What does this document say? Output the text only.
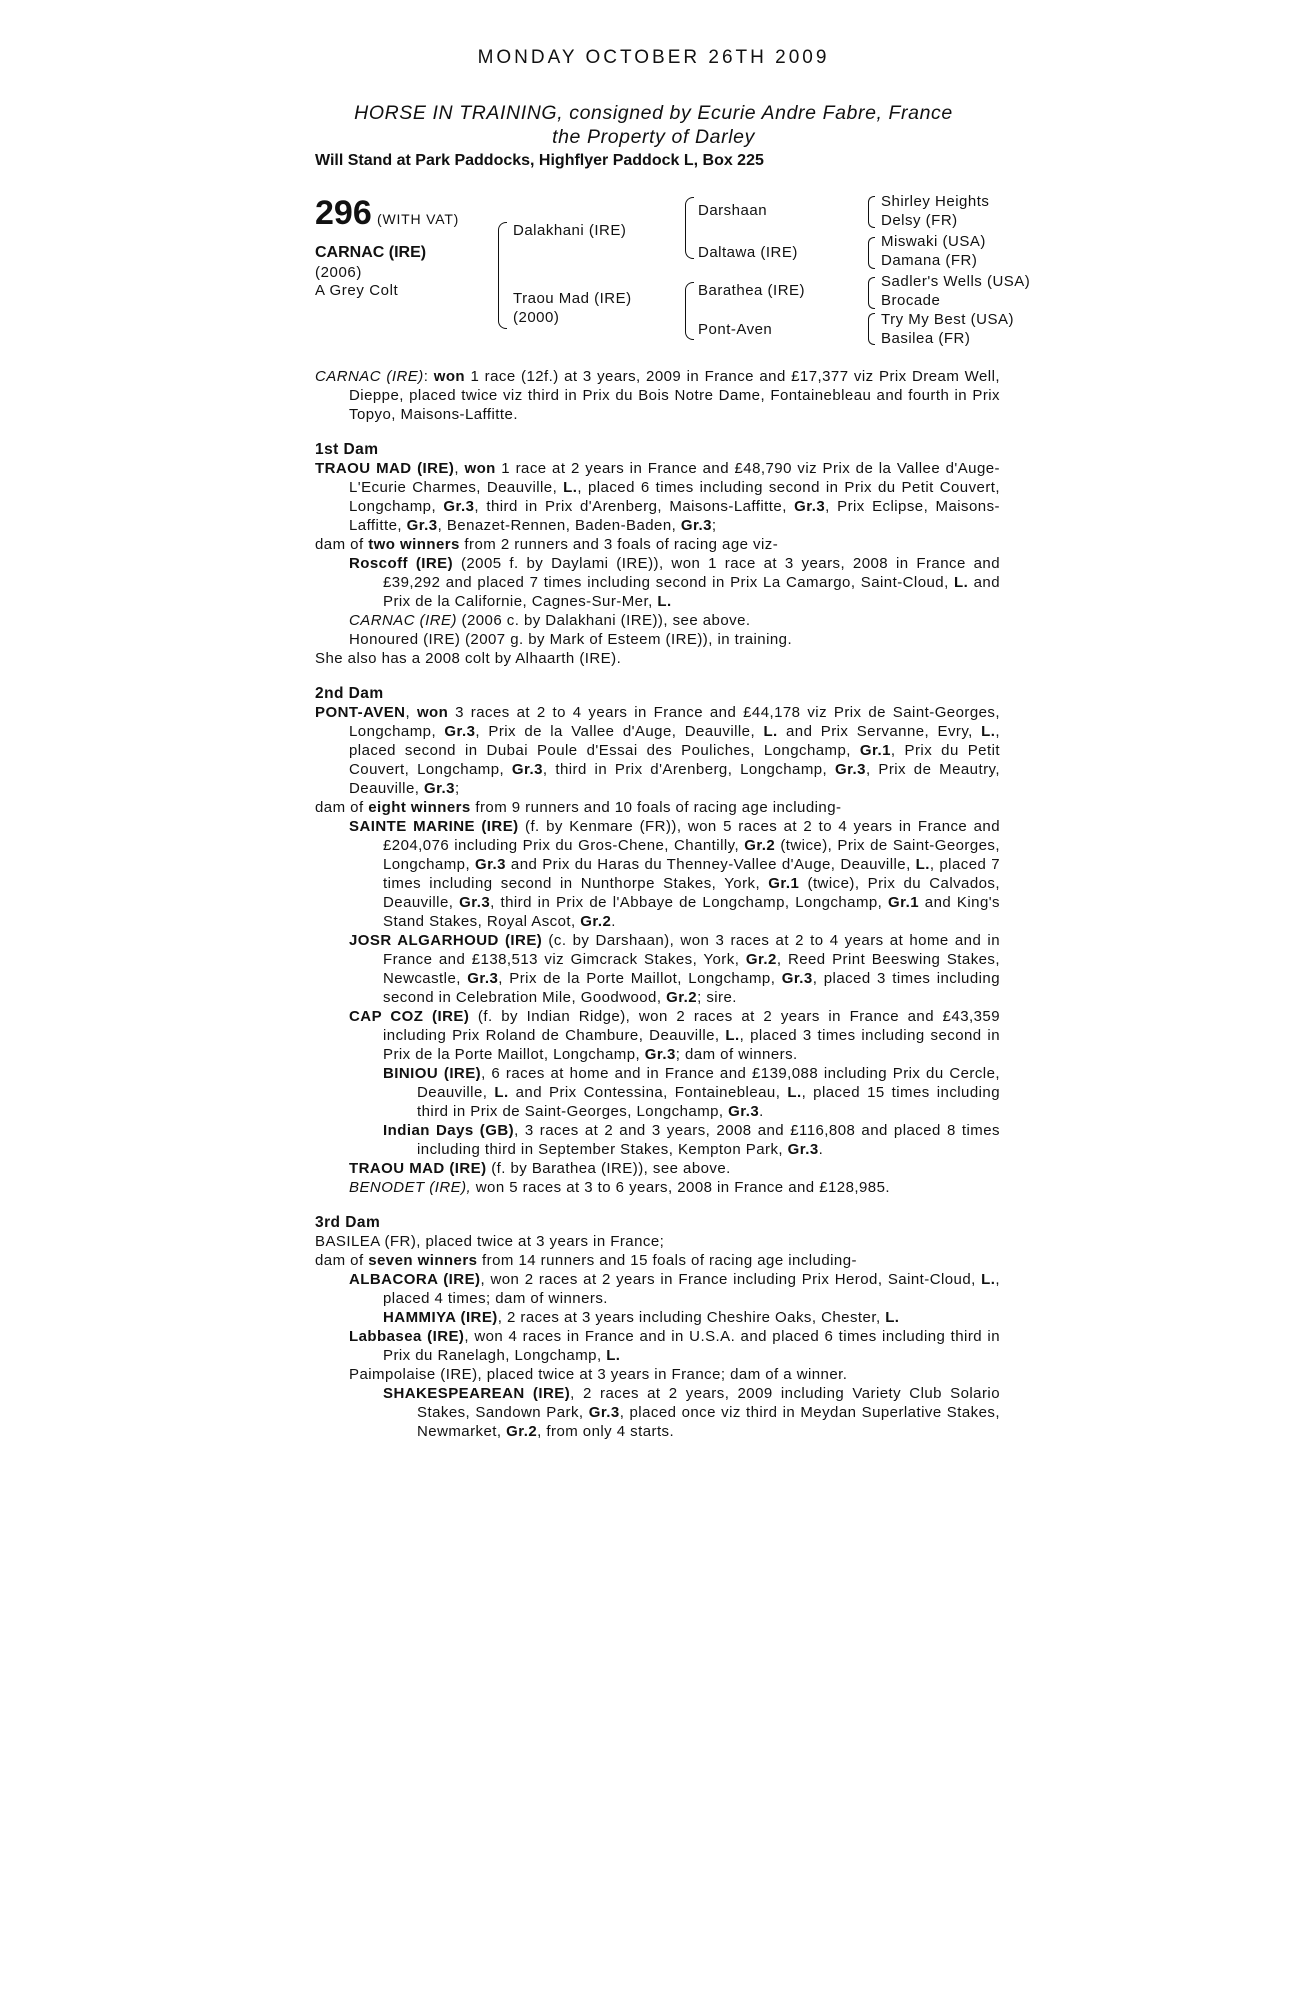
MONDAY OCTOBER 26TH 2009
HORSE IN TRAINING, consigned by Ecurie Andre Fabre, France
the Property of Darley
Will Stand at Park Paddocks, Highflyer Paddock L, Box 225
296 (WITH VAT)
CARNAC (IRE)
(2006)
A Grey Colt
Dalakhani (IRE)
Traou Mad (IRE)
(2000)
Darshaan
Daltawa (IRE)
Barathea (IRE)
Pont-Aven
Shirley Heights
Delsy (FR)
Miswaki (USA)
Damana (FR)
Sadler's Wells (USA)
Brocade
Try My Best (USA)
Basilea (FR)

CARNAC (IRE): won 1 race (12f.) at 3 years, 2009 in France and £17,377 viz Prix Dream Well, Dieppe, placed twice viz third in Prix du Bois Notre Dame, Fontainebleau and fourth in Prix Topyo, Maisons-Laffitte.

1st Dam

TRAOU MAD (IRE), won 1 race at 2 years in France and £48,790 viz Prix de la Vallee d'Auge-L'Ecurie Charmes, Deauville, L., placed 6 times including second in Prix du Petit Couvert, Longchamp, Gr.3, third in Prix d'Arenberg, Maisons-Laffitte, Gr.3, Prix Eclipse, Maisons-Laffitte, Gr.3, Benazet-Rennen, Baden-Baden, Gr.3;

dam of two winners from 2 runners and 3 foals of racing age viz-

Roscoff (IRE) (2005 f. by Daylami (IRE)), won 1 race at 3 years, 2008 in France and £39,292 and placed 7 times including second in Prix La Camargo, Saint-Cloud, L. and Prix de la Californie, Cagnes-Sur-Mer, L.

CARNAC (IRE) (2006 c. by Dalakhani (IRE)), see above.

Honoured (IRE) (2007 g. by Mark of Esteem (IRE)), in training.

She also has a 2008 colt by Alhaarth (IRE).

2nd Dam

PONT-AVEN, won 3 races at 2 to 4 years in France and £44,178 viz Prix de Saint-Georges, Longchamp, Gr.3, Prix de la Vallee d'Auge, Deauville, L. and Prix Servanne, Evry, L., placed second in Dubai Poule d'Essai des Pouliches, Longchamp, Gr.1, Prix du Petit Couvert, Longchamp, Gr.3, third in Prix d'Arenberg, Longchamp, Gr.3, Prix de Meautry, Deauville, Gr.3;

dam of eight winners from 9 runners and 10 foals of racing age including-

SAINTE MARINE (IRE) (f. by Kenmare (FR)), won 5 races at 2 to 4 years in France and £204,076 including Prix du Gros-Chene, Chantilly, Gr.2 (twice), Prix de Saint-Georges, Longchamp, Gr.3 and Prix du Haras du Thenney-Vallee d'Auge, Deauville, L., placed 7 times including second in Nunthorpe Stakes, York, Gr.1 (twice), Prix du Calvados, Deauville, Gr.3, third in Prix de l'Abbaye de Longchamp, Longchamp, Gr.1 and King's Stand Stakes, Royal Ascot, Gr.2.

JOSR ALGARHOUD (IRE) (c. by Darshaan), won 3 races at 2 to 4 years at home and in France and £138,513 viz Gimcrack Stakes, York, Gr.2, Reed Print Beeswing Stakes, Newcastle, Gr.3, Prix de la Porte Maillot, Longchamp, Gr.3, placed 3 times including second in Celebration Mile, Goodwood, Gr.2; sire.

CAP COZ (IRE) (f. by Indian Ridge), won 2 races at 2 years in France and £43,359 including Prix Roland de Chambure, Deauville, L., placed 3 times including second in Prix de la Porte Maillot, Longchamp, Gr.3; dam of winners.

BINIOU (IRE), 6 races at home and in France and £139,088 including Prix du Cercle, Deauville, L. and Prix Contessina, Fontainebleau, L., placed 15 times including third in Prix de Saint-Georges, Longchamp, Gr.3.

Indian Days (GB), 3 races at 2 and 3 years, 2008 and £116,808 and placed 8 times including third in September Stakes, Kempton Park, Gr.3.

TRAOU MAD (IRE) (f. by Barathea (IRE)), see above.

BENODET (IRE), won 5 races at 3 to 6 years, 2008 in France and £128,985.

3rd Dam

BASILEA (FR), placed twice at 3 years in France;

dam of seven winners from 14 runners and 15 foals of racing age including-

ALBACORA (IRE), won 2 races at 2 years in France including Prix Herod, Saint-Cloud, L., placed 4 times; dam of winners.

HAMMIYA (IRE), 2 races at 3 years including Cheshire Oaks, Chester, L.

Labbasea (IRE), won 4 races in France and in U.S.A. and placed 6 times including third in Prix du Ranelagh, Longchamp, L.

Paimpolaise (IRE), placed twice at 3 years in France; dam of a winner.

SHAKESPEAREAN (IRE), 2 races at 2 years, 2009 including Variety Club Solario Stakes, Sandown Park, Gr.3, placed once viz third in Meydan Superlative Stakes, Newmarket, Gr.2, from only 4 starts.
